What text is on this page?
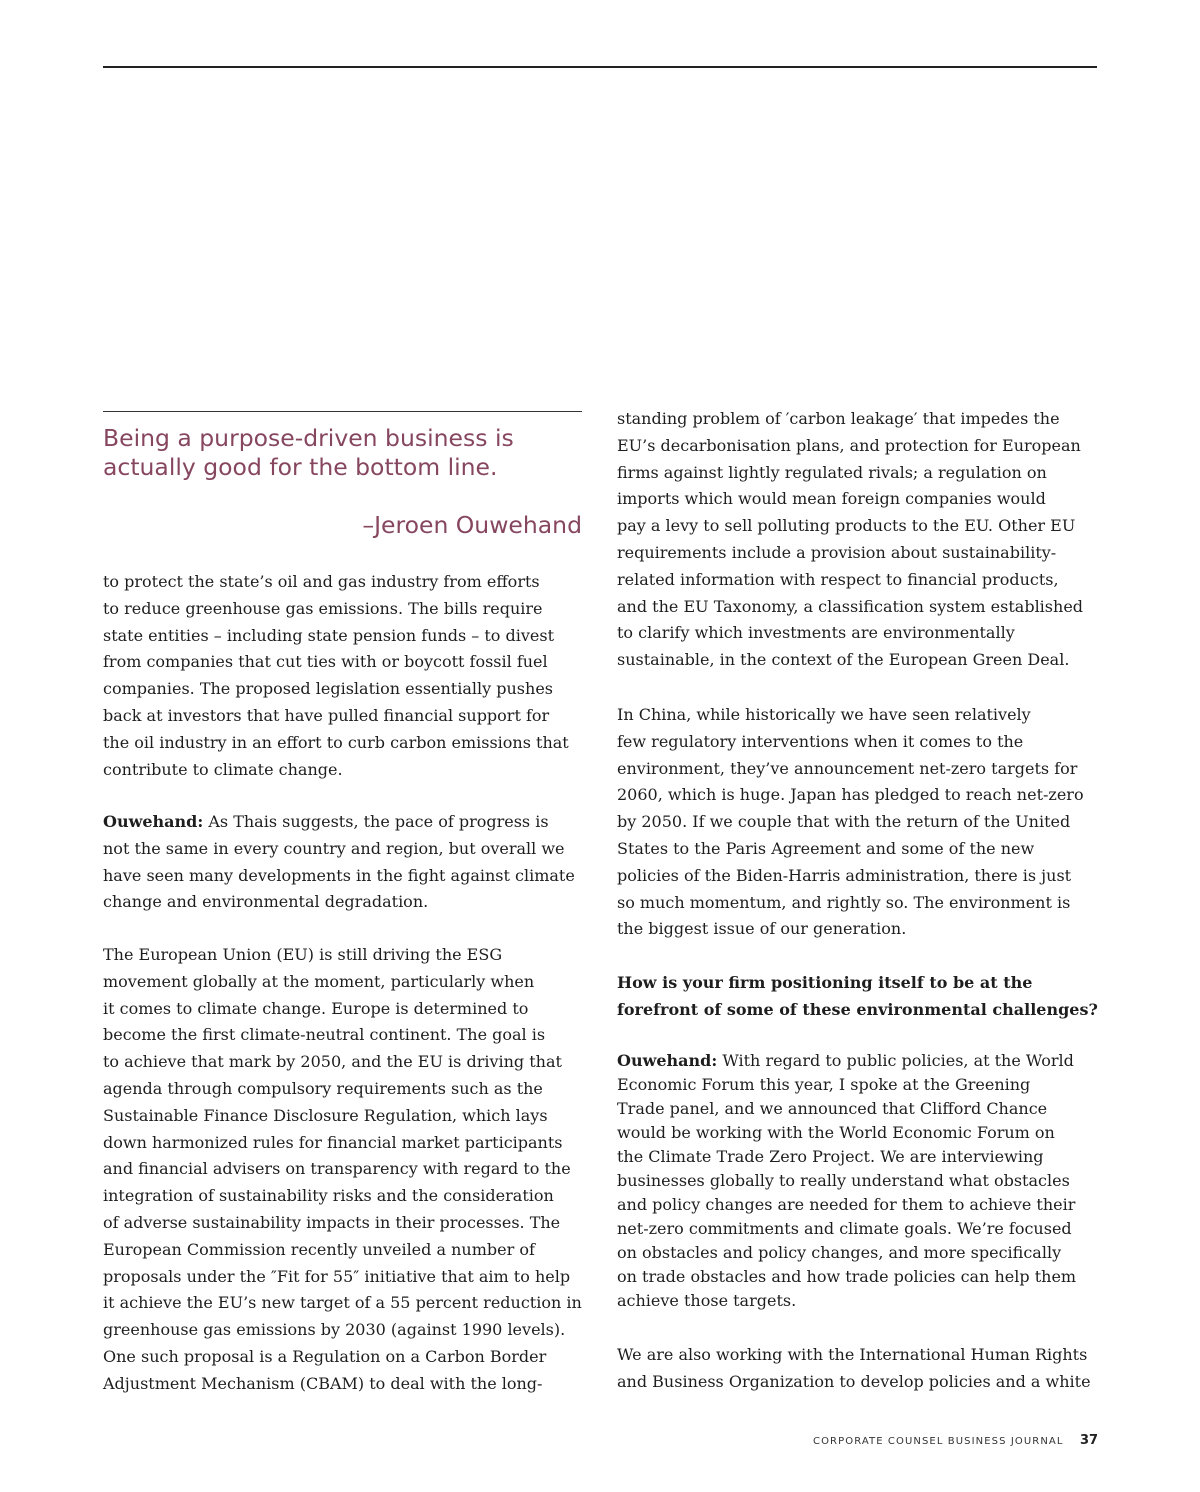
Being a purpose-driven business is
actually good for the bottom line.

–Jeroen Ouwehand

to protect the state’s oil and gas industry from efforts
to reduce greenhouse gas emissions. The bills require
state entities – including state pension funds – to divest
from companies that cut ties with or boycott fossil fuel
companies. The proposed legislation essentially pushes
back at investors that have pulled financial support for
the oil industry in an effort to curb carbon emissions that
contribute to climate change.

Ouwehand: As Thais suggests, the pace of progress is
not the same in every country and region, but overall we
have seen many developments in the fight against climate
change and environmental degradation.

The European Union (EU) is still driving the ESG
movement globally at the moment, particularly when
it comes to climate change. Europe is determined to
become the first climate-neutral continent. The goal is
to achieve that mark by 2050, and the EU is driving that
agenda through compulsory requirements such as the
Sustainable Finance Disclosure Regulation, which lays
down harmonized rules for financial market participants
and financial advisers on transparency with regard to the
integration of sustainability risks and the consideration
of adverse sustainability impacts in their processes. The
European Commission recently unveiled a number of
proposals under the ″Fit for 55″ initiative that aim to help
it achieve the EU’s new target of a 55 percent reduction in
greenhouse gas emissions by 2030 (against 1990 levels).
One such proposal is a Regulation on a Carbon Border
Adjustment Mechanism (CBAM) to deal with the long-

standing problem of ′carbon leakage′ that impedes the
EU’s decarbonisation plans, and protection for European
firms against lightly regulated rivals; a regulation on
imports which would mean foreign companies would
pay a levy to sell polluting products to the EU. Other EU
requirements include a provision about sustainability-
related information with respect to financial products,
and the EU Taxonomy, a classification system established
to clarify which investments are environmentally
sustainable, in the context of the European Green Deal.

In China, while historically we have seen relatively
few regulatory interventions when it comes to the
environment, they’ve announcement net-zero targets for
2060, which is huge. Japan has pledged to reach net-zero
by 2050. If we couple that with the return of the United
States to the Paris Agreement and some of the new
policies of the Biden-Harris administration, there is just
so much momentum, and rightly so. The environment is
the biggest issue of our generation.

How is your firm positioning itself to be at the
forefront of some of these environmental challenges?

Ouwehand: With regard to public policies, at the World
Economic Forum this year, I spoke at the Greening
Trade panel, and we announced that Clifford Chance
would be working with the World Economic Forum on
the Climate Trade Zero Project. We are interviewing
businesses globally to really understand what obstacles
and policy changes are needed for them to achieve their
net-zero commitments and climate goals. We’re focused
on obstacles and policy changes, and more specifically
on trade obstacles and how trade policies can help them
achieve those targets.

We are also working with the International Human Rights
and Business Organization to develop policies and a white

CORPORATE COUNSEL BUSINESS JOURNAL 37
